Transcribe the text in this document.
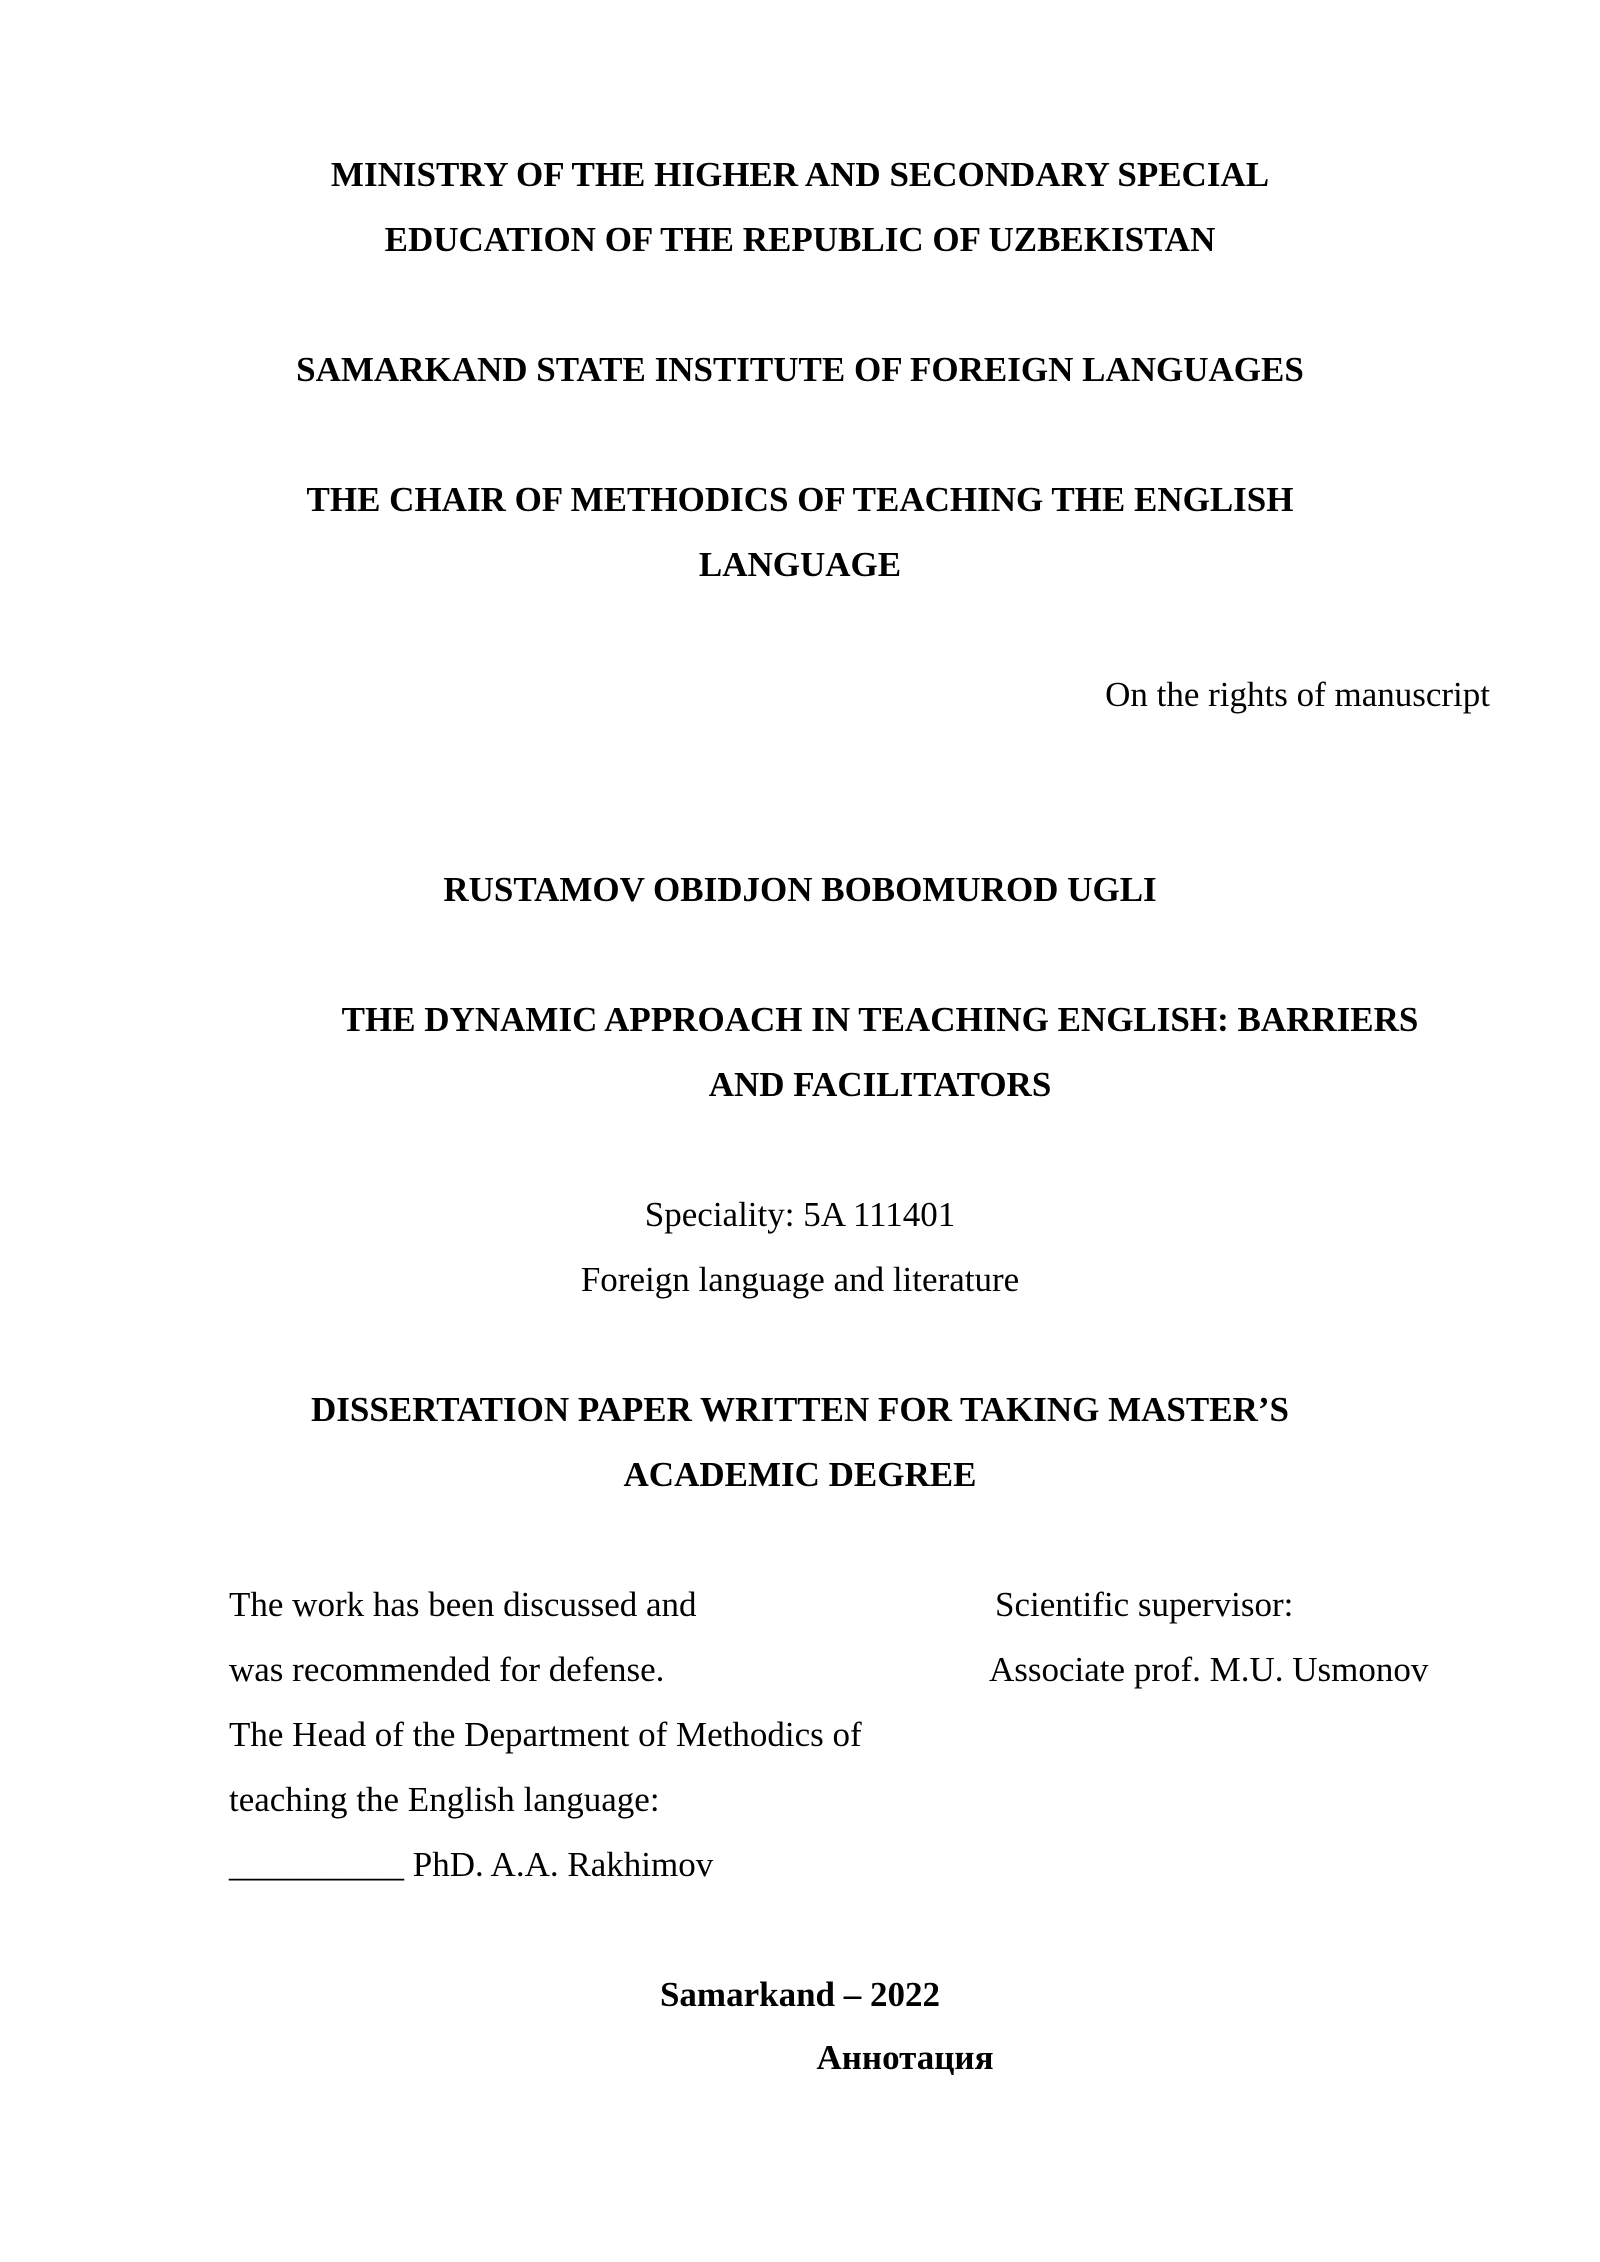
MINISTRY OF THE HIGHER AND SECONDARY SPECIAL
EDUCATION OF THE REPUBLIC OF UZBEKISTAN
SAMARKAND STATE INSTITUTE OF FOREIGN LANGUAGES
THE CHAIR OF METHODICS OF TEACHING THE ENGLISH
LANGUAGE
On the rights of manuscript
RUSTAMOV OBIDJON BOBOMUROD UGLI
THE DYNAMIC APPROACH IN TEACHING ENGLISH: BARRIERS
AND FACILITATORS
Speciality: 5A 111401
Foreign language and literature
DISSERTATION PAPER WRITTEN FOR TAKING MASTER’S
ACADEMIC DEGREE
The work has been discussed and
was recommended for defense.
The Head of the Department of Methodics of
teaching the English language:
__________ PhD. A.A. Rakhimov
Scientific supervisor:
Associate prof. M.U. Usmonov
Samarkand – 2022
Аннотация
